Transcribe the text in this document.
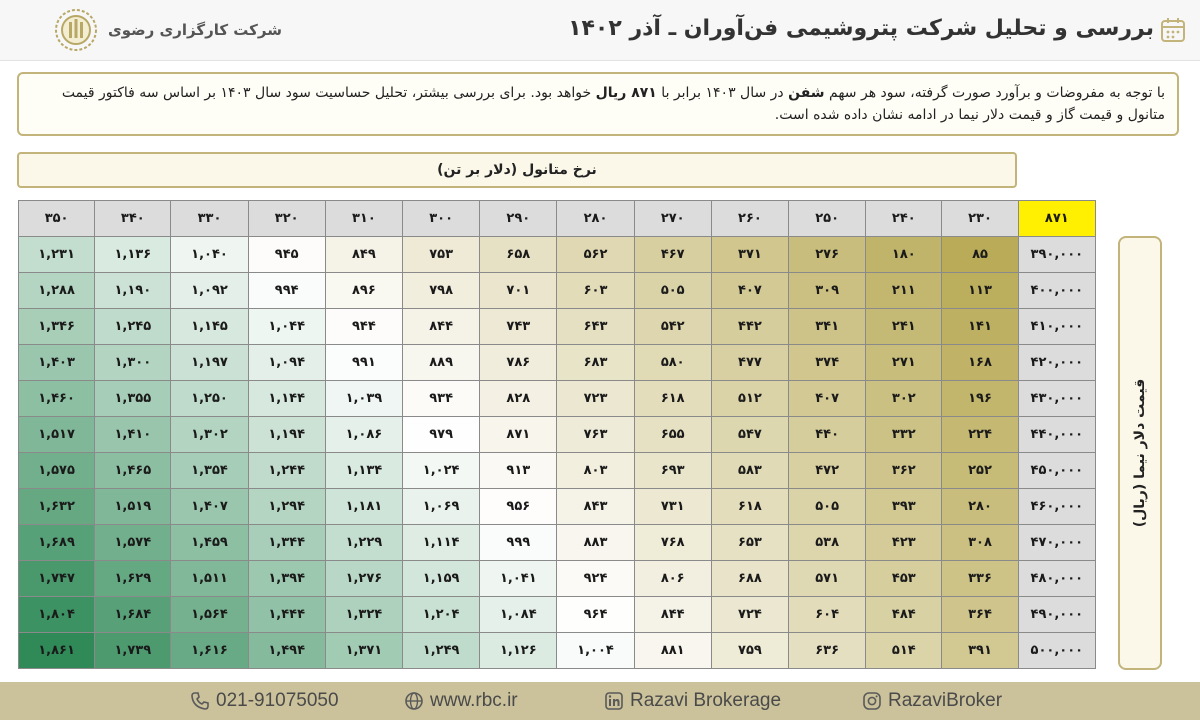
بررسی و تحلیل شرکت پتروشیمی فن‌آوران ـ آذر ۱۴۰۲
شرکت کارگزاری رضوی
با توجه به مفروضات و برآورد صورت گرفته، سود هر سهم شفن در سال ۱۴۰۳ برابر با ۸۷۱ ریال خواهد بود. برای بررسی بیشتر، تحلیل حساسیت سود سال ۱۴۰۳ بر اساس سه فاکتور قیمت متانول و قیمت گاز و قیمت دلار نیما در ادامه نشان داده شده است.
نرخ متانول (دلار بر تن)
۳۵۰	۳۴۰	۳۳۰	۳۲۰	۳۱۰	۳۰۰	۲۹۰	۲۸۰	۲۷۰	۲۶۰	۲۵۰	۲۴۰	۲۳۰	۸۷۱
۱,۲۳۱	۱,۱۳۶	۱,۰۴۰	۹۴۵	۸۴۹	۷۵۳	۶۵۸	۵۶۲	۴۶۷	۳۷۱	۲۷۶	۱۸۰	۸۵	۳۹۰,۰۰۰
۱,۲۸۸	۱,۱۹۰	۱,۰۹۲	۹۹۴	۸۹۶	۷۹۸	۷۰۱	۶۰۳	۵۰۵	۴۰۷	۳۰۹	۲۱۱	۱۱۳	۴۰۰,۰۰۰
۱,۳۴۶	۱,۲۴۵	۱,۱۴۵	۱,۰۴۴	۹۴۴	۸۴۴	۷۴۳	۶۴۳	۵۴۲	۴۴۲	۳۴۱	۲۴۱	۱۴۱	۴۱۰,۰۰۰
۱,۴۰۳	۱,۳۰۰	۱,۱۹۷	۱,۰۹۴	۹۹۱	۸۸۹	۷۸۶	۶۸۳	۵۸۰	۴۷۷	۳۷۴	۲۷۱	۱۶۸	۴۲۰,۰۰۰
۱,۴۶۰	۱,۳۵۵	۱,۲۵۰	۱,۱۴۴	۱,۰۳۹	۹۳۴	۸۲۸	۷۲۳	۶۱۸	۵۱۲	۴۰۷	۳۰۲	۱۹۶	۴۳۰,۰۰۰
۱,۵۱۷	۱,۴۱۰	۱,۳۰۲	۱,۱۹۴	۱,۰۸۶	۹۷۹	۸۷۱	۷۶۳	۶۵۵	۵۴۷	۴۴۰	۳۳۲	۲۲۴	۴۴۰,۰۰۰
۱,۵۷۵	۱,۴۶۵	۱,۳۵۴	۱,۲۴۴	۱,۱۳۴	۱,۰۲۴	۹۱۳	۸۰۳	۶۹۳	۵۸۳	۴۷۲	۳۶۲	۲۵۲	۴۵۰,۰۰۰
۱,۶۳۲	۱,۵۱۹	۱,۴۰۷	۱,۲۹۴	۱,۱۸۱	۱,۰۶۹	۹۵۶	۸۴۳	۷۳۱	۶۱۸	۵۰۵	۳۹۳	۲۸۰	۴۶۰,۰۰۰
۱,۶۸۹	۱,۵۷۴	۱,۴۵۹	۱,۳۴۴	۱,۲۲۹	۱,۱۱۴	۹۹۹	۸۸۳	۷۶۸	۶۵۳	۵۳۸	۴۲۳	۳۰۸	۴۷۰,۰۰۰
۱,۷۴۷	۱,۶۲۹	۱,۵۱۱	۱,۳۹۴	۱,۲۷۶	۱,۱۵۹	۱,۰۴۱	۹۲۴	۸۰۶	۶۸۸	۵۷۱	۴۵۳	۳۳۶	۴۸۰,۰۰۰
۱,۸۰۴	۱,۶۸۴	۱,۵۶۴	۱,۴۴۴	۱,۳۲۴	۱,۲۰۴	۱,۰۸۴	۹۶۴	۸۴۴	۷۲۴	۶۰۴	۴۸۴	۳۶۴	۴۹۰,۰۰۰
۱,۸۶۱	۱,۷۳۹	۱,۶۱۶	۱,۴۹۴	۱,۳۷۱	۱,۲۴۹	۱,۱۲۶	۱,۰۰۴	۸۸۱	۷۵۹	۶۳۶	۵۱۴	۳۹۱	۵۰۰,۰۰۰
قیمت دلار نیما (ریال)
021-91075050	www.rbc.ir	Razavi Brokerage	RazaviBroker
